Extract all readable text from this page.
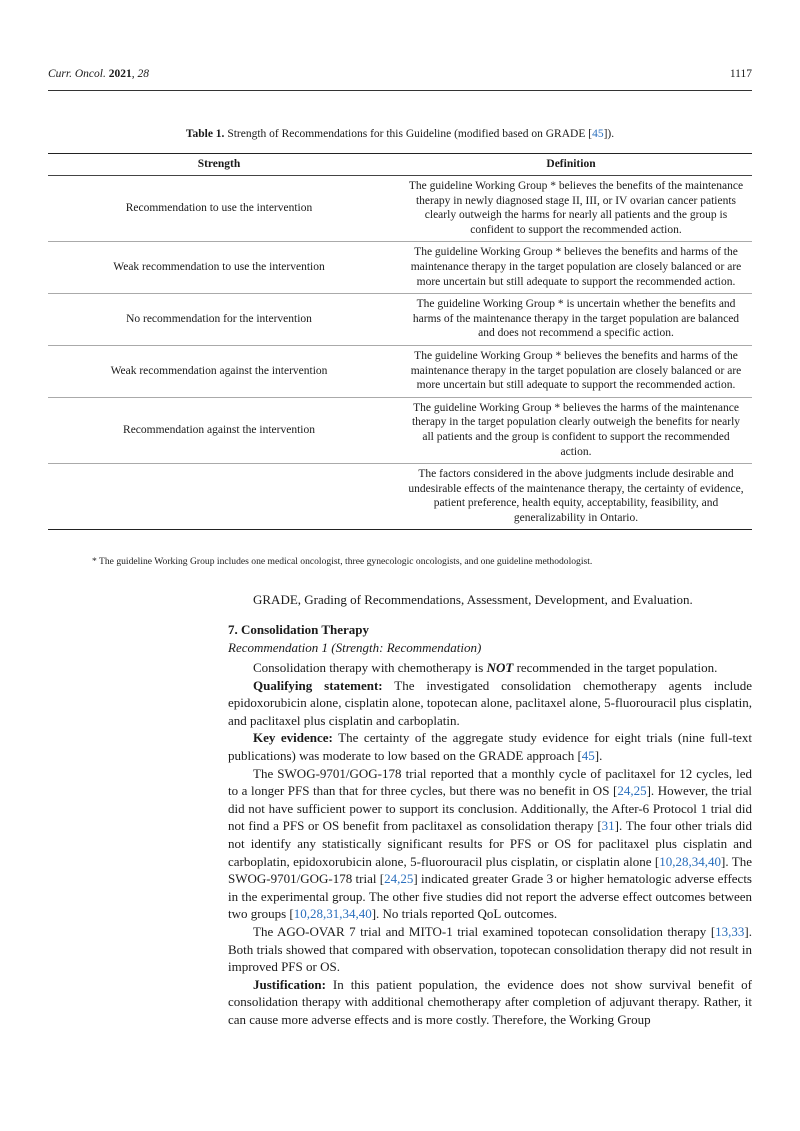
Curr. Oncol. 2021, 28	1117
Table 1. Strength of Recommendations for this Guideline (modified based on GRADE [45]).
Strength	Definition
Recommendation to use the intervention	The guideline Working Group * believes the benefits of the maintenance therapy in newly diagnosed stage II, III, or IV ovarian cancer patients clearly outweigh the harms for nearly all patients and the group is confident to support the recommended action.
Weak recommendation to use the intervention	The guideline Working Group * believes the benefits and harms of the maintenance therapy in the target population are closely balanced or are more uncertain but still adequate to support the recommended action.
No recommendation for the intervention	The guideline Working Group * is uncertain whether the benefits and harms of the maintenance therapy in the target population are balanced and does not recommend a specific action.
Weak recommendation against the intervention	The guideline Working Group * believes the benefits and harms of the maintenance therapy in the target population are closely balanced or are more uncertain but still adequate to support the recommended action.
Recommendation against the intervention	The guideline Working Group * believes the harms of the maintenance therapy in the target population clearly outweigh the benefits for nearly all patients and the group is confident to support the recommended action.
	The factors considered in the above judgments include desirable and undesirable effects of the maintenance therapy, the certainty of evidence, patient preference, health equity, acceptability, feasibility, and generalizability in Ontario.
* The guideline Working Group includes one medical oncologist, three gynecologic oncologists, and one guideline methodologist.
GRADE, Grading of Recommendations, Assessment, Development, and Evaluation.
7. Consolidation Therapy
Recommendation 1 (Strength: Recommendation)

Consolidation therapy with chemotherapy is NOT recommended in the target population.

Qualifying statement: The investigated consolidation chemotherapy agents include epidoxorubicin alone, cisplatin alone, topotecan alone, paclitaxel alone, 5-fluorouracil plus cisplatin, and paclitaxel plus cisplatin and carboplatin.

Key evidence: The certainty of the aggregate study evidence for eight trials (nine full-text publications) was moderate to low based on the GRADE approach [45].

The SWOG-9701/GOG-178 trial reported that a monthly cycle of paclitaxel for 12 cycles, led to a longer PFS than that for three cycles, but there was no benefit in OS [24,25]. However, the trial did not have sufficient power to support its conclusion. Additionally, the After-6 Protocol 1 trial did not find a PFS or OS benefit from paclitaxel as consolidation therapy [31]. The four other trials did not identify any statistically significant results for PFS or OS for paclitaxel plus cisplatin and carboplatin, epidoxorubicin alone, 5-fluorouracil plus cisplatin, or cisplatin alone [10,28,34,40]. The SWOG-9701/GOG-178 trial [24,25] indicated greater Grade 3 or higher hematologic adverse effects in the experimental group. The other five studies did not report the adverse effect outcomes between two groups [10,28,31,34,40]. No trials reported QoL outcomes.

The AGO-OVAR 7 trial and MITO-1 trial examined topotecan consolidation therapy [13,33]. Both trials showed that compared with observation, topotecan consolidation therapy did not result in improved PFS or OS.

Justification: In this patient population, the evidence does not show survival benefit of consolidation therapy with additional chemotherapy after completion of adjuvant therapy. Rather, it can cause more adverse effects and is more costly. Therefore, the Working Group
